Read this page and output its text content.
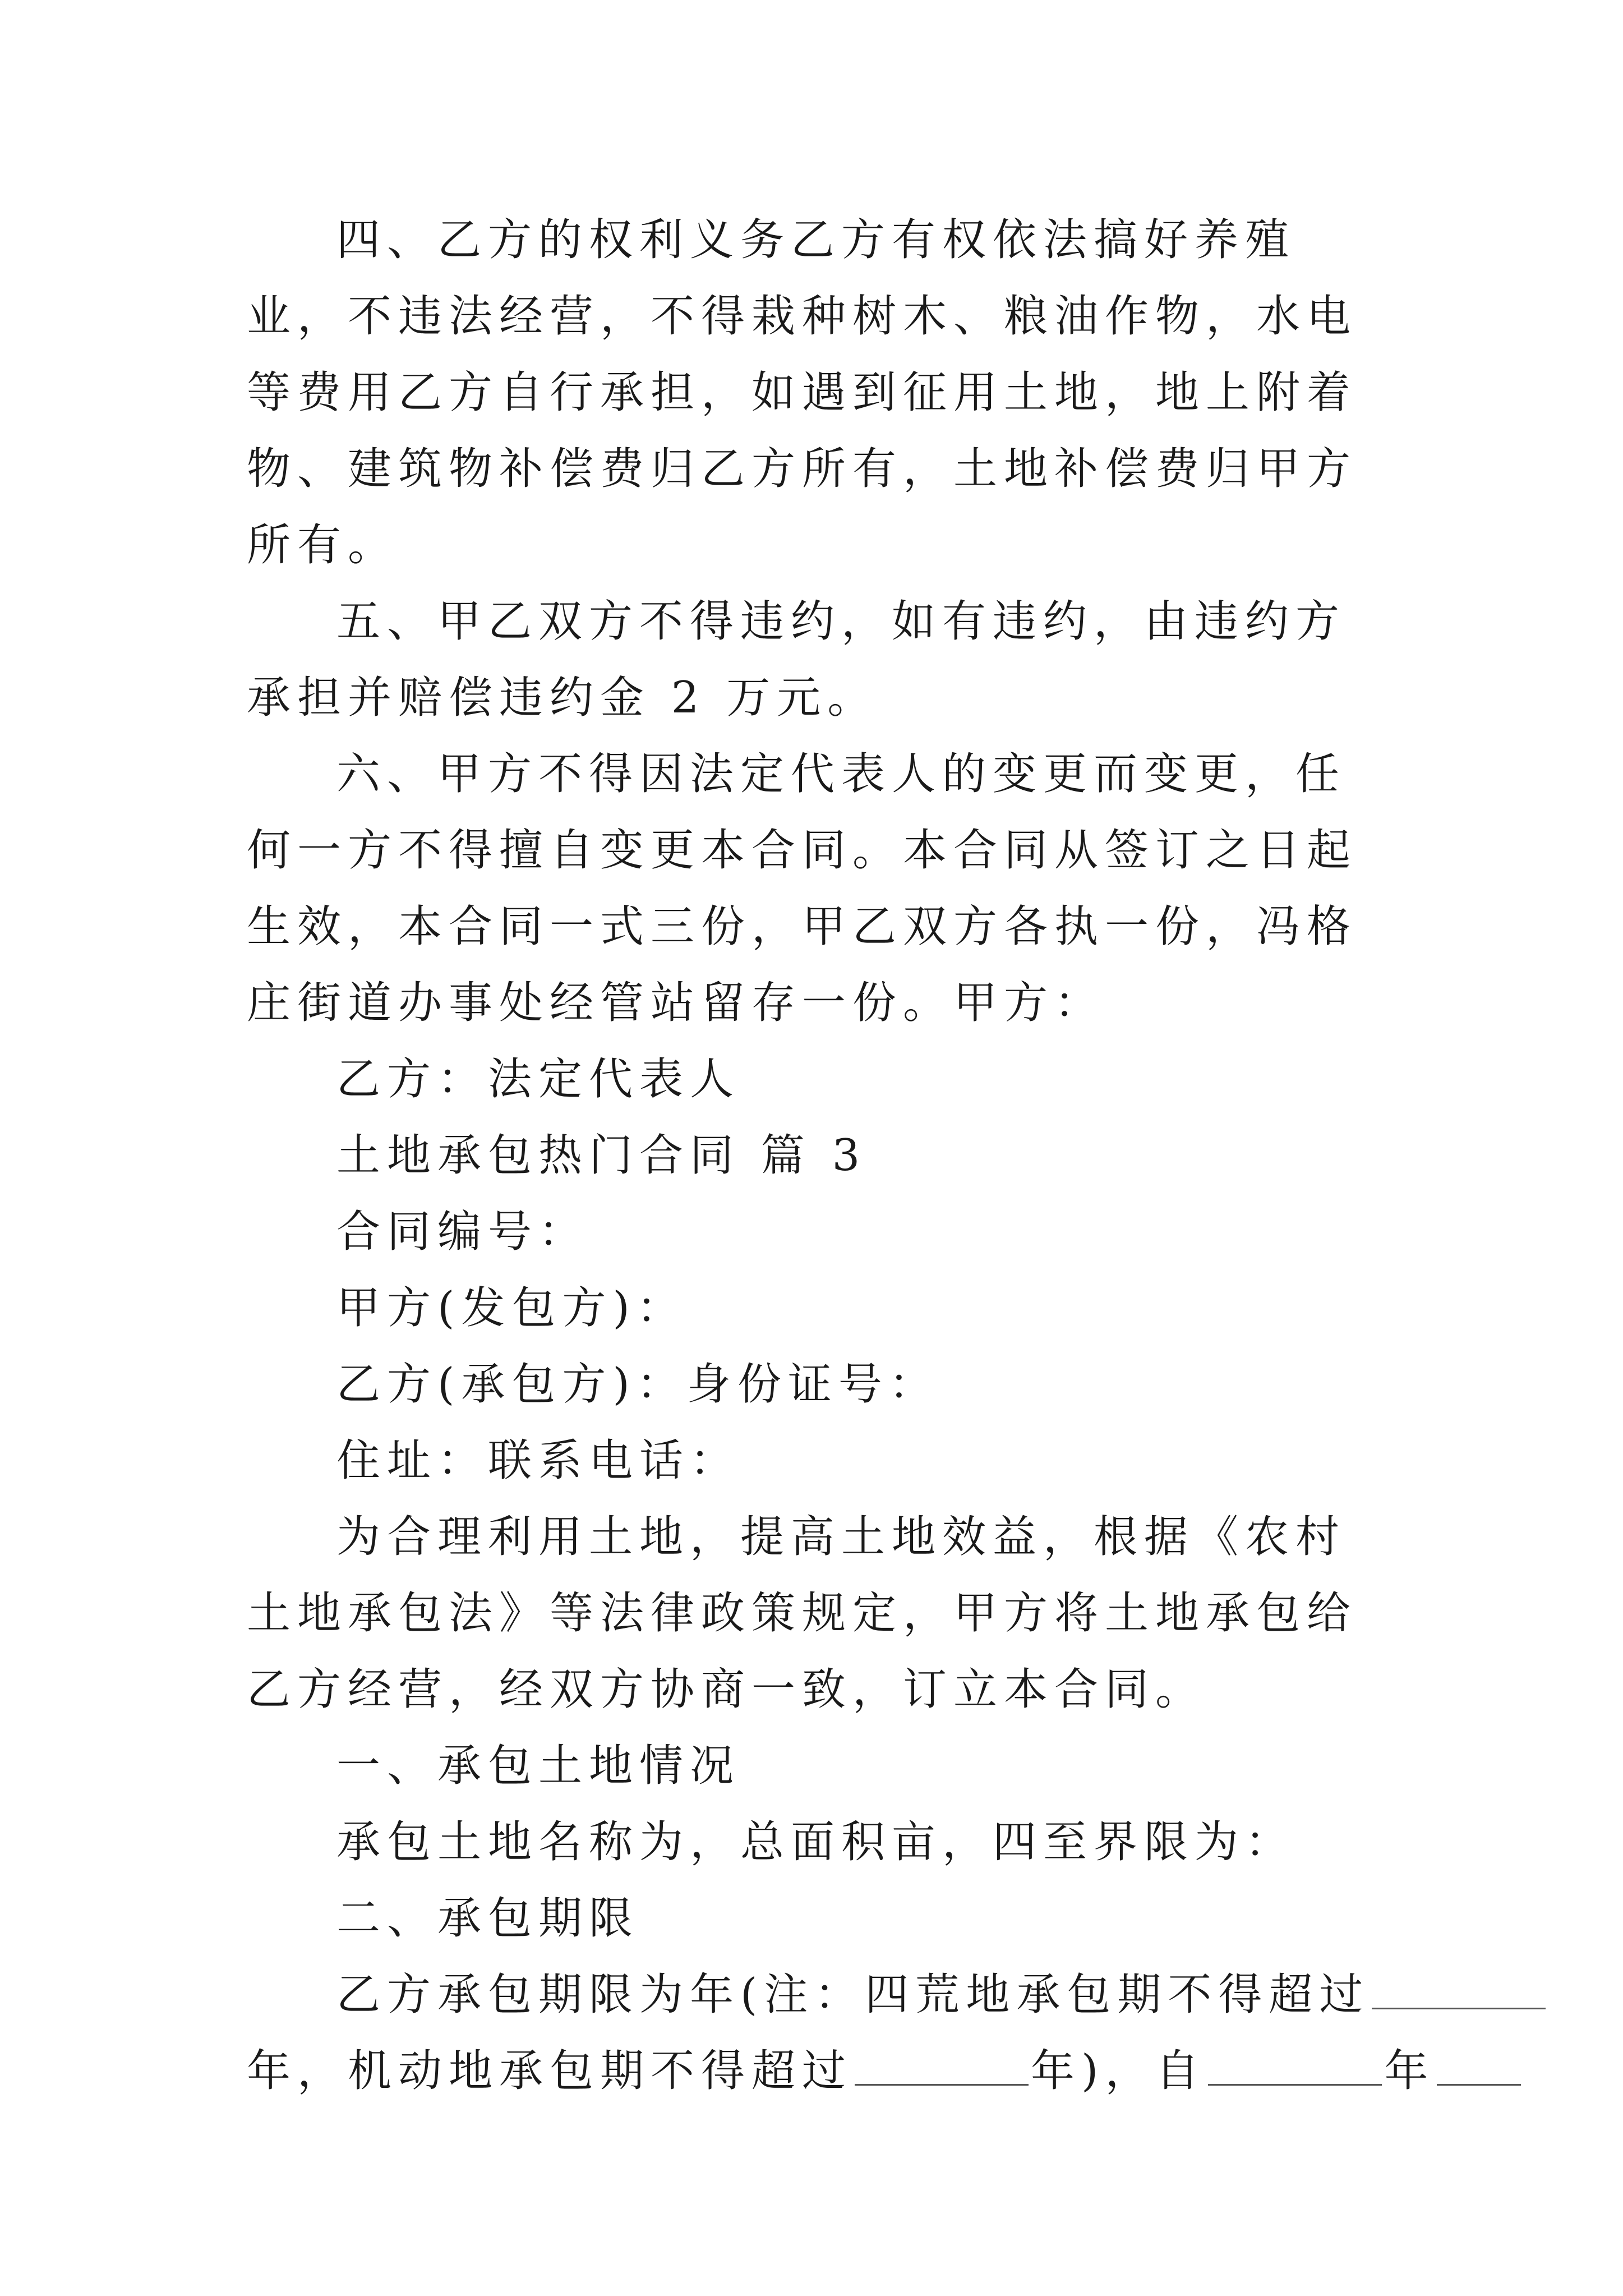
四、乙方的权利义务乙方有权依法搞好养殖业，不违法经营，不得栽种树木、粮油作物，水电等费用乙方自行承担，如遇到征用土地，地上附着物、建筑物补偿费归乙方所有，土地补偿费归甲方所有。

五、甲乙双方不得违约，如有违约，由违约方承担并赔偿违约金 2 万元。

六、甲方不得因法定代表人的变更而变更，任何一方不得擅自变更本合同。本合同从签订之日起生效，本合同一式三份，甲乙双方各执一份，冯格庄街道办事处经管站留存一份。甲方：

乙方：法定代表人

土地承包热门合同 篇 3

合同编号：

甲方(发包方)：

乙方(承包方)：身份证号：

住址：联系电话：

为合理利用土地，提高土地效益，根据《农村土地承包法》等法律政策规定，甲方将土地承包给乙方经营，经双方协商一致，订立本合同。

一、承包土地情况

承包土地名称为，总面积亩，四至界限为：

二、承包期限

乙方承包期限为年(注：四荒地承包期不得超过

年，机动地承包期不得超过	年)，自	年
